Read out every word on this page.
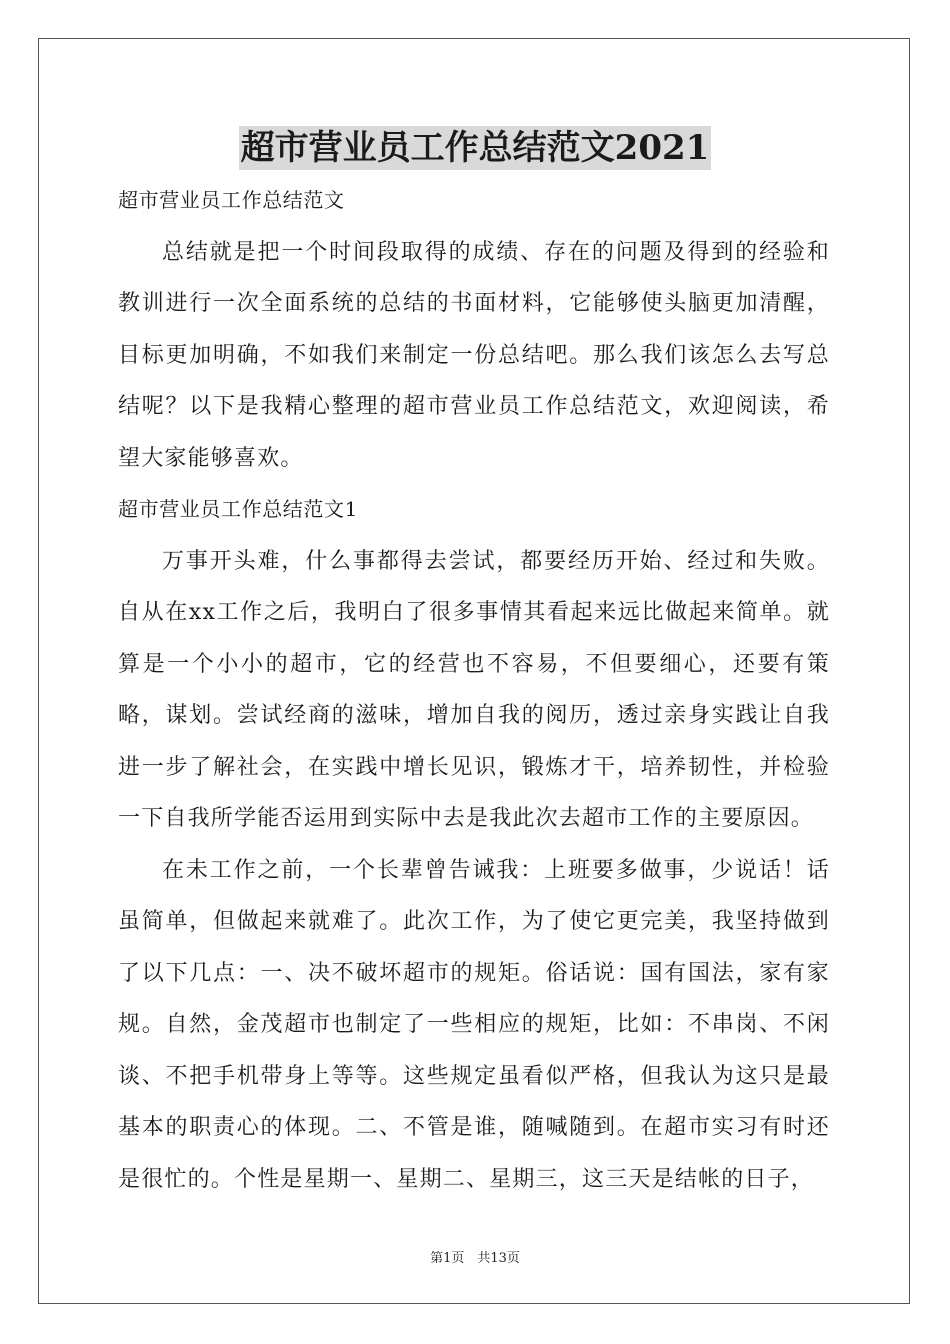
超市营业员工作总结范文2021

超市营业员工作总结范文

总结就是把一个时间段取得的成绩、存在的问题及得到的经验和教训进行一次全面系统的总结的书面材料，它能够使头脑更加清醒，目标更加明确，不如我们来制定一份总结吧。那么我们该怎么去写总结呢？以下是我精心整理的超市营业员工作总结范文，欢迎阅读，希望大家能够喜欢。

超市营业员工作总结范文1

万事开头难，什么事都得去尝试，都要经历开始、经过和失败。自从在xx工作之后，我明白了很多事情其看起来远比做起来简单。就算是一个小小的超市，它的经营也不容易，不但要细心，还要有策略，谋划。尝试经商的滋味，增加自我的阅历，透过亲身实践让自我进一步了解社会，在实践中增长见识，锻炼才干，培养韧性，并检验一下自我所学能否运用到实际中去是我此次去超市工作的主要原因。

在未工作之前，一个长辈曾告诫我：上班要多做事，少说话！话虽简单，但做起来就难了。此次工作，为了使它更完美，我坚持做到了以下几点：一、决不破坏超市的规矩。俗话说：国有国法，家有家规。自然，金茂超市也制定了一些相应的规矩，比如：不串岗、不闲谈、不把手机带身上等等。这些规定虽看似严格，但我认为这只是最基本的职责心的体现。二、不管是谁，随喊随到。在超市实习有时还是很忙的。个性是星期一、星期二、星期三，这三天是结帐的日子，

第1页　共13页
